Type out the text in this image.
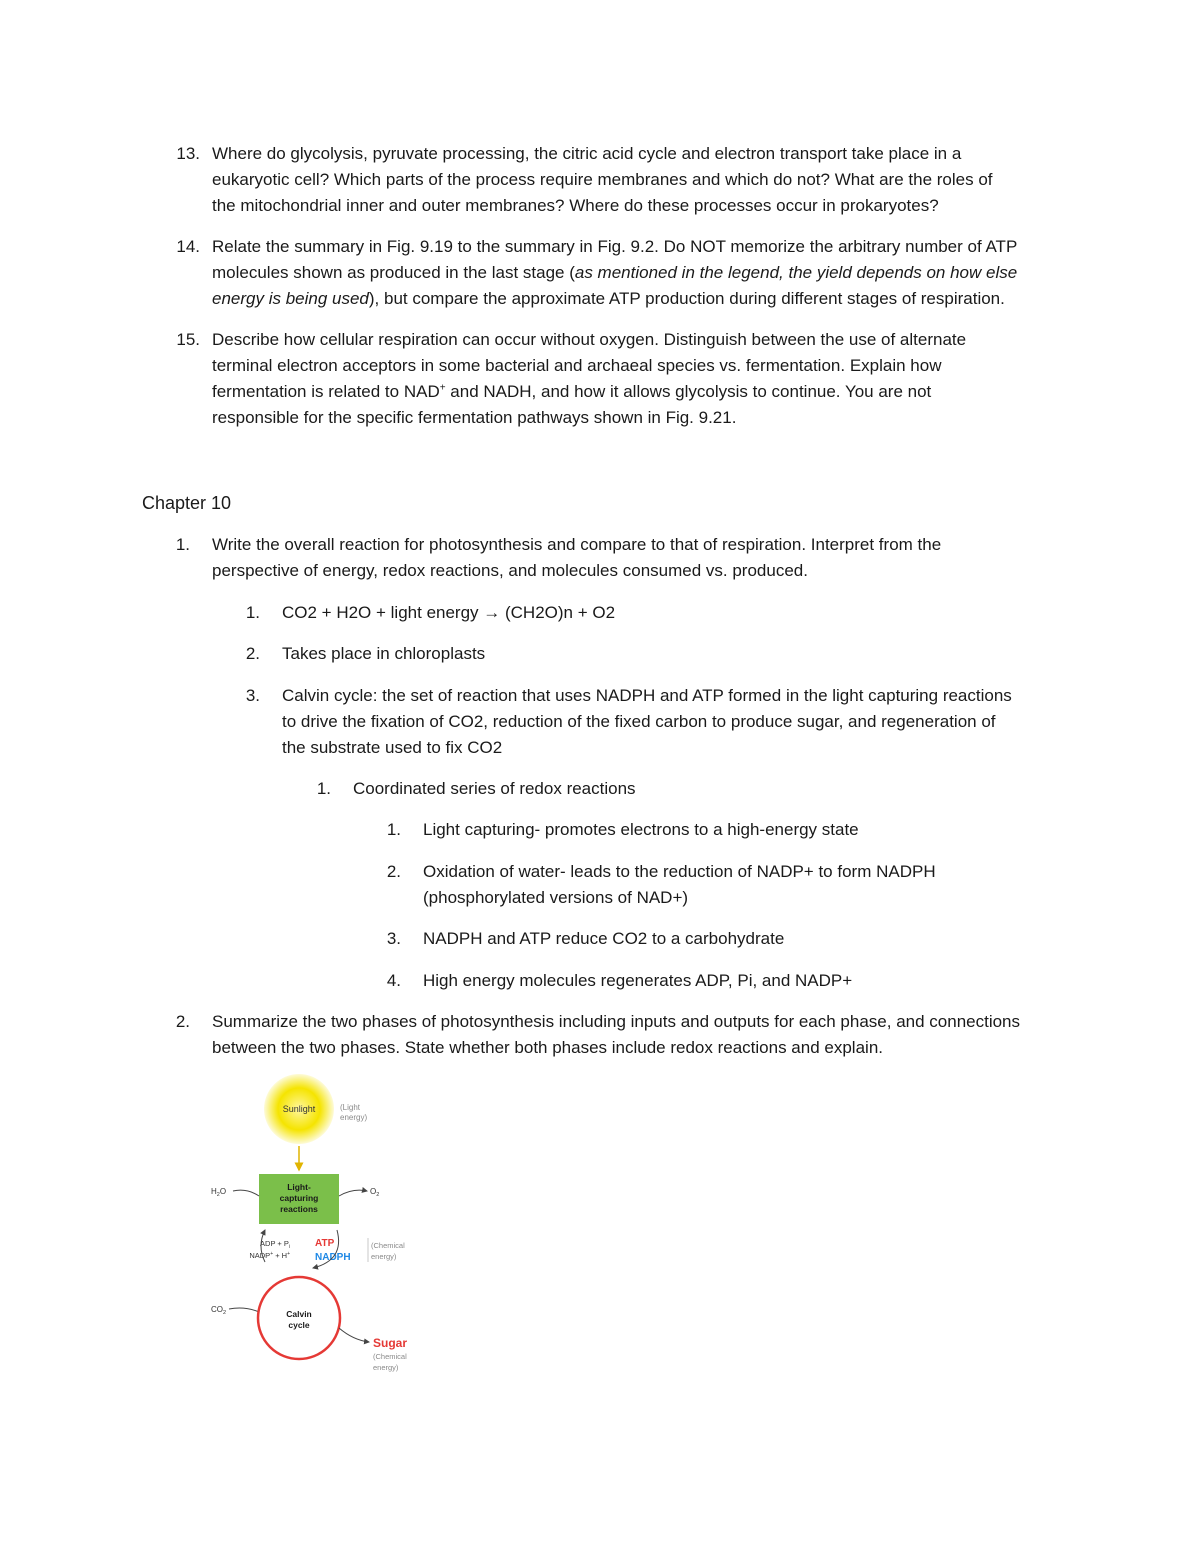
13. Where do glycolysis, pyruvate processing, the citric acid cycle and electron transport take place in a
eukaryotic cell? Which parts of the process require membranes and which do not? What are the roles of
the mitochondrial inner and outer membranes? Where do these processes occur in prokaryotes?
14. Relate the summary in Fig. 9.19 to the summary in Fig. 9.2. Do NOT memorize the arbitrary number of ATP
molecules shown as produced in the last stage (as mentioned in the legend, the yield depends on how else
energy is being used), but compare the approximate ATP production during different stages of respiration.
15. Describe how cellular respiration can occur without oxygen. Distinguish between the use of alternate
terminal electron acceptors in some bacterial and archaeal species vs. fermentation. Explain how
fermentation is related to NAD+ and NADH, and how it allows glycolysis to continue. You are not
responsible for the specific fermentation pathways shown in Fig. 9.21.
Chapter 10
1. Write the overall reaction for photosynthesis and compare to that of respiration. Interpret from the
perspective of energy, redox reactions, and molecules consumed vs. produced.
1. CO2 + H2O + light energy → (CH2O)n + O2
2. Takes place in chloroplasts
3. Calvin cycle: the set of reaction that uses NADPH and ATP formed in the light capturing reactions
to drive the fixation of CO2, reduction of the fixed carbon to produce sugar, and regeneration of
the substrate used to fix CO2
1. Coordinated series of redox reactions
1. Light capturing- promotes electrons to a high-energy state
2. Oxidation of water- leads to the reduction of NADP+ to form NADPH
(phosphorylated versions of NAD+)
3. NADPH and ATP reduce CO2 to a carbohydrate
4. High energy molecules regenerates ADP, Pi, and NADP+
2. Summarize the two phases of photosynthesis including inputs and outputs for each phase, and connections
between the two phases. State whether both phases include redox reactions and explain.
Sunlight	(Light
energy)
Light-
capturing
reactions
$H_2O$	$O_2$
ADP + $P_i$
NADP+ + H+
ATP
NADPH
(Chemical
energy)
$CO_2$	Calvin
cycle
Sugar
(Chemical
energy)
